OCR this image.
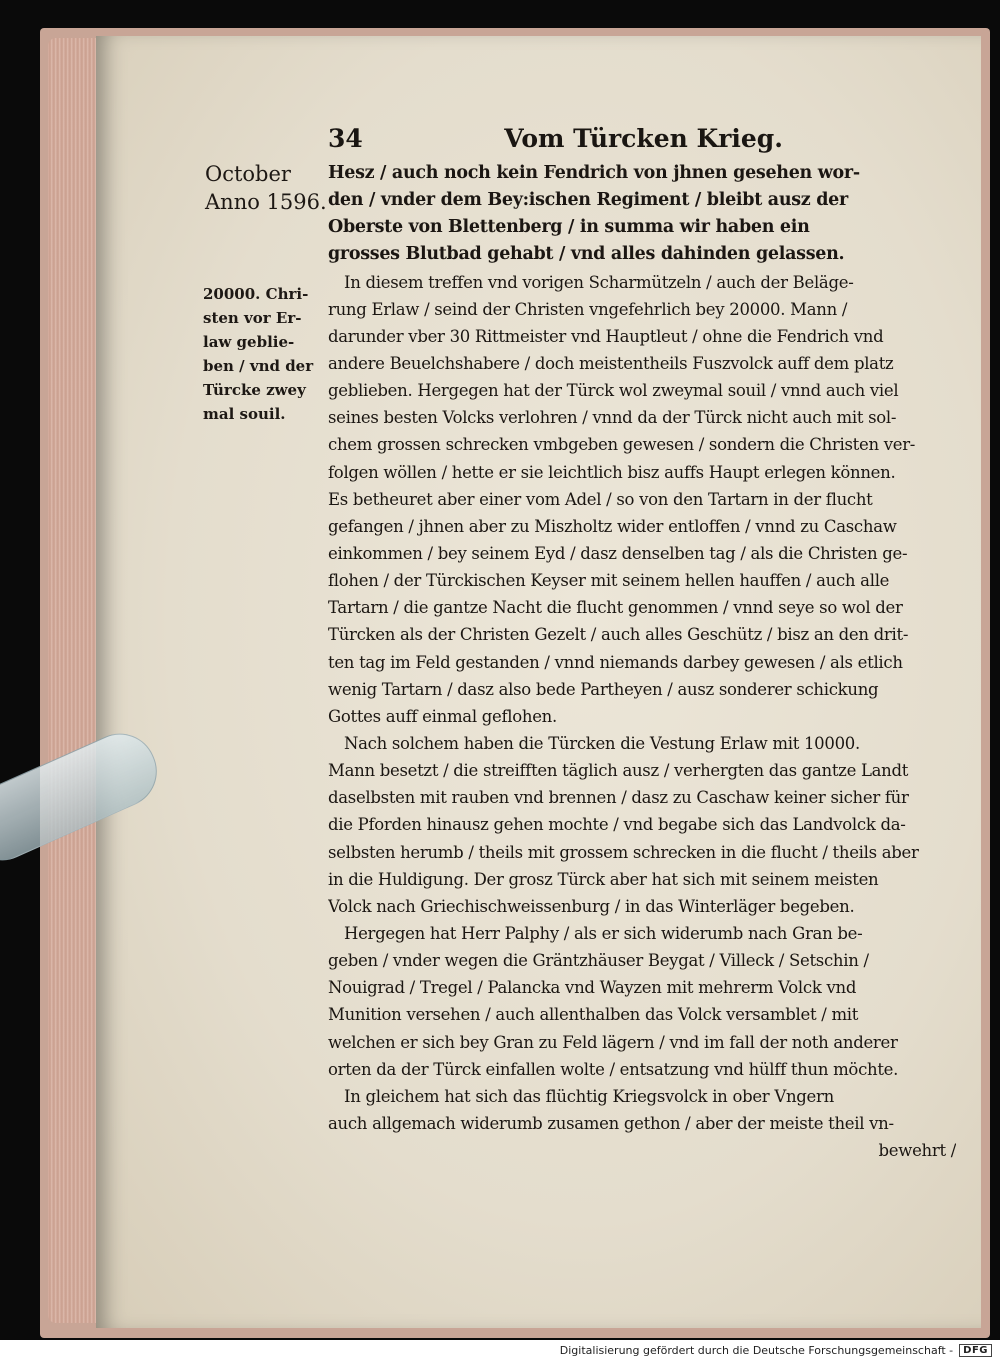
34	Vom Türcken Krieg.
October
Anno 1596.
20000. Chri-
sten vor Er-
law geblie-
ben / vnd der
Türcke zwey
mal souil.
Hesz / auch noch kein Fendrich von jhnen gesehen wor-
den / vnder dem Bey:ischen Regiment / bleibt ausz der
Oberste von Blettenberg / in summa wir haben ein
grosses Blutbad gehabt / vnd alles dahinden gelassen.
In diesem treffen vnd vorigen Scharmützeln / auch der Beläge-
rung Erlaw / seind der Christen vngefehrlich bey 20000. Mann /
darunder vber 30 Rittmeister vnd Hauptleut / ohne die Fendrich vnd
andere Beuelchshabere / doch meistentheils Fuszvolck auff dem platz
geblieben. Hergegen hat der Türck wol zweymal souil / vnnd auch viel
seines besten Volcks verlohren / vnnd da der Türck nicht auch mit sol-
chem grossen schrecken vmbgeben gewesen / sondern die Christen ver-
folgen wöllen / hette er sie leichtlich bisz auffs Haupt erlegen können.
Es betheuret aber einer vom Adel / so von den Tartarn in der flucht
gefangen / jhnen aber zu Miszholtz wider entloffen / vnnd zu Caschaw
einkommen / bey seinem Eyd / dasz denselben tag / als die Christen ge-
flohen / der Türckischen Keyser mit seinem hellen hauffen / auch alle
Tartarn / die gantze Nacht die flucht genommen / vnnd seye so wol der
Türcken als der Christen Gezelt / auch alles Geschütz / bisz an den drit-
ten tag im Feld gestanden / vnnd niemands darbey gewesen / als etlich
wenig Tartarn / dasz also bede Partheyen / ausz sonderer schickung
Gottes auff einmal geflohen.
Nach solchem haben die Türcken die Vestung Erlaw mit 10000.
Mann besetzt / die streifften täglich ausz / verhergten das gantze Landt
daselbsten mit rauben vnd brennen / dasz zu Caschaw keiner sicher für
die Pforden hinausz gehen mochte / vnd begabe sich das Landvolck da-
selbsten herumb / theils mit grossem schrecken in die flucht / theils aber
in die Huldigung. Der grosz Türck aber hat sich mit seinem meisten
Volck nach Griechischweissenburg / in das Winterläger begeben.
Hergegen hat Herr Palphy / als er sich widerumb nach Gran be-
geben / vnder wegen die Gräntzhäuser Beygat / Villeck / Setschin /
Nouigrad / Tregel / Palancka vnd Wayzen mit mehrerm Volck vnd
Munition versehen / auch allenthalben das Volck versamblet / mit
welchen er sich bey Gran zu Feld lägern / vnd im fall der noth anderer
orten da der Türck einfallen wolte / entsatzung vnd hülff thun möchte.
In gleichem hat sich das flüchtig Kriegsvolck in ober Vngern
auch allgemach widerumb zusamen gethon / aber der meiste theil vn-
bewehrt /
Digitalisierung gefördert durch die Deutsche Forschungsgemeinschaft -	DFG
